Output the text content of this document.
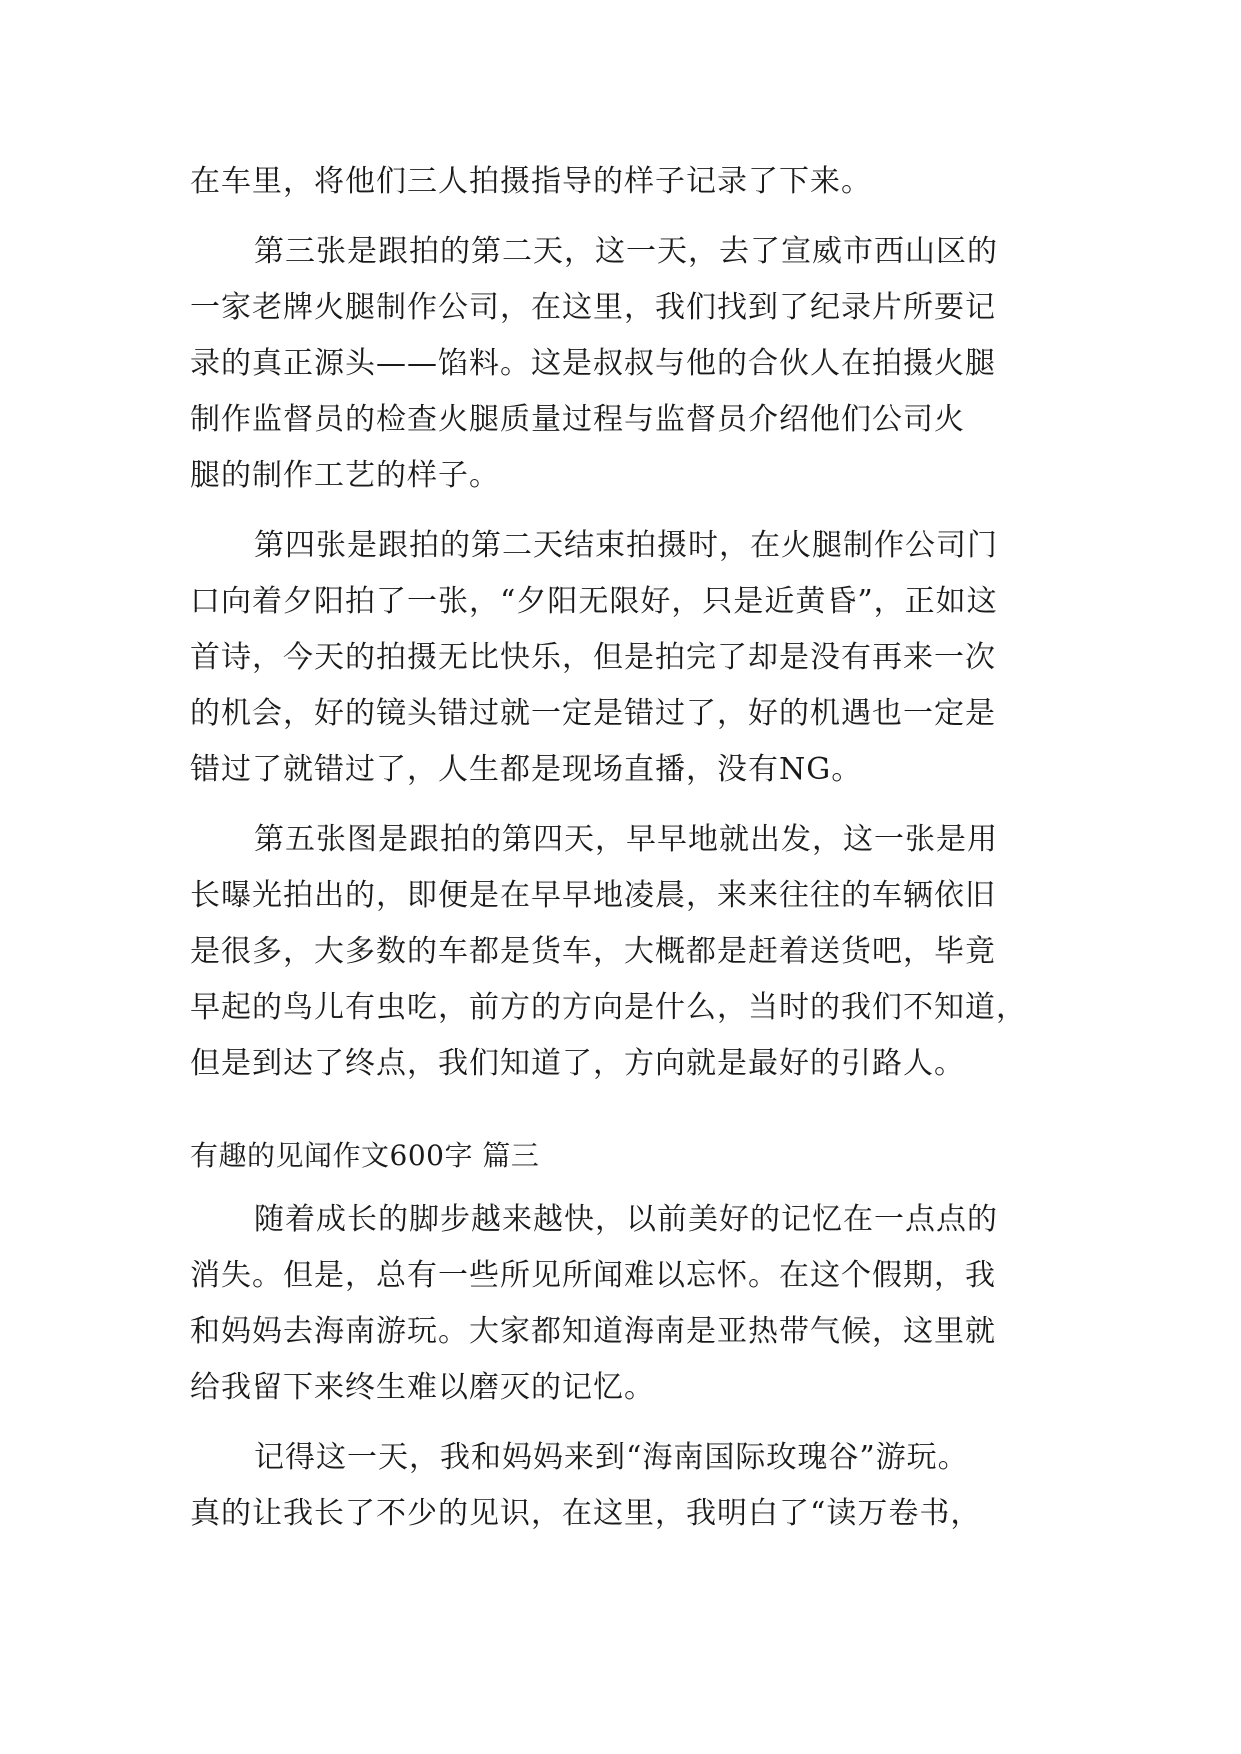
在车里，将他们三人拍摄指导的样子记录了下来。
第三张是跟拍的第二天，这一天，去了宣威市西山区的
一家老牌火腿制作公司，在这里，我们找到了纪录片所要记
录的真正源头——馅料。这是叔叔与他的合伙人在拍摄火腿
制作监督员的检查火腿质量过程与监督员介绍他们公司火
腿的制作工艺的样子。
第四张是跟拍的第二天结束拍摄时，在火腿制作公司门
口向着夕阳拍了一张，“夕阳无限好，只是近黄昏”，正如这
首诗，今天的拍摄无比快乐，但是拍完了却是没有再来一次
的机会，好的镜头错过就一定是错过了，好的机遇也一定是
错过了就错过了，人生都是现场直播，没有NG。
第五张图是跟拍的第四天，早早地就出发，这一张是用
长曝光拍出的，即便是在早早地凌晨，来来往往的车辆依旧
是很多，大多数的车都是货车，大概都是赶着送货吧，毕竟
早起的鸟儿有虫吃，前方的方向是什么，当时的我们不知道，
但是到达了终点，我们知道了，方向就是最好的引路人。
有趣的见闻作文600字 篇三
随着成长的脚步越来越快，以前美好的记忆在一点点的
消失。但是，总有一些所见所闻难以忘怀。在这个假期，我
和妈妈去海南游玩。大家都知道海南是亚热带气候，这里就
给我留下来终生难以磨灭的记忆。
记得这一天，我和妈妈来到“海南国际玫瑰谷”游玩。
真的让我长了不少的见识，在这里，我明白了“读万卷书，
